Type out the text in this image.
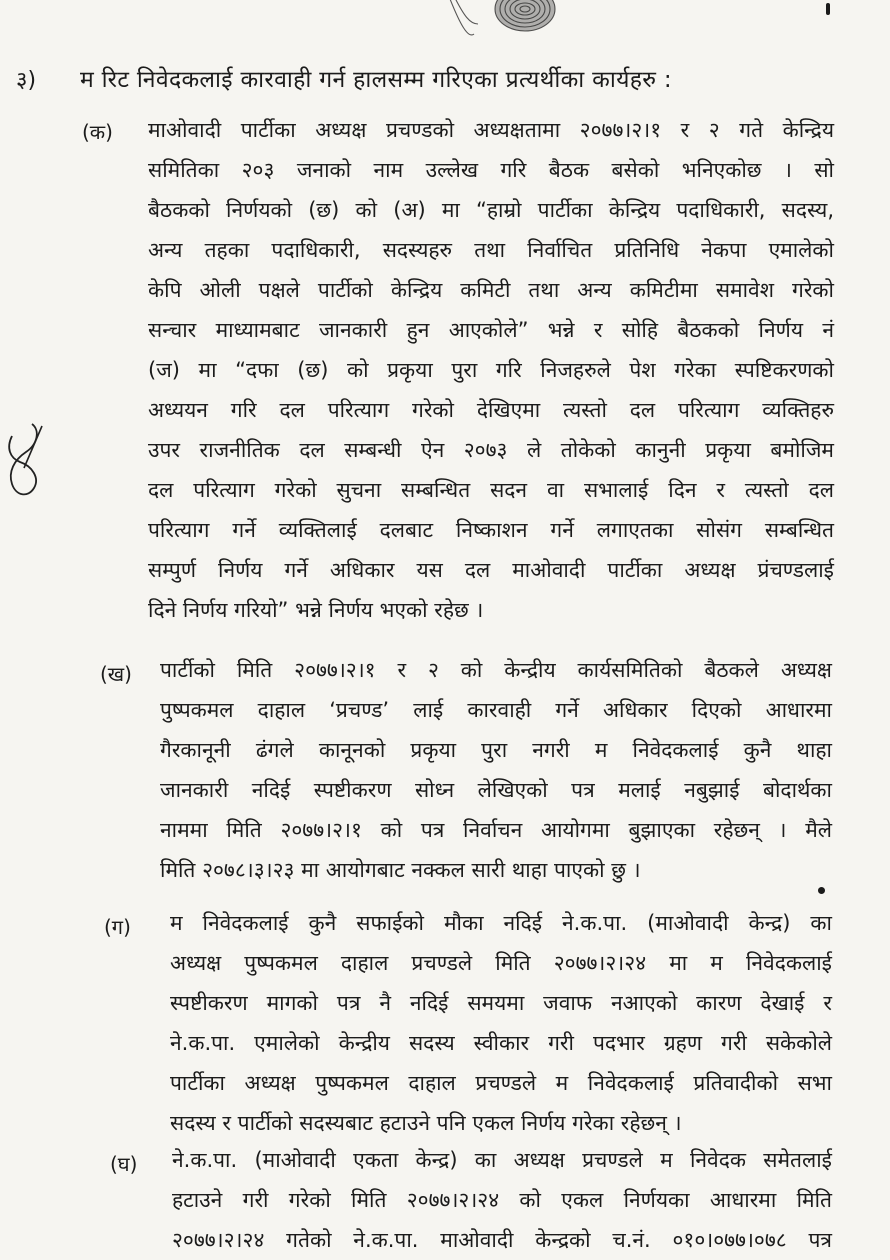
३) म रिट निवेदकलाई कारवाही गर्न हालसम्म गरिएका प्रत्यर्थीका कार्यहरु :
(क) माओवादी पार्टीका अध्यक्ष प्रचण्डको अध्यक्षतामा २०७७।२।१ र २ गते केन्द्रिय
समितिका २०३ जनाको नाम उल्लेख गरि बैठक बसेको भनिएकोछ । सो
बैठकको निर्णयको (छ) को (अ) मा “हाम्रो पार्टीका केन्द्रिय पदाधिकारी, सदस्य,
अन्य तहका पदाधिकारी, सदस्यहरु तथा निर्वाचित प्रतिनिधि नेकपा एमालेको
केपि ओली पक्षले पार्टीको केन्द्रिय कमिटी तथा अन्य कमिटीमा समावेश गरेको
सन्चार माध्यामबाट जानकारी हुन आएकोले” भन्ने र सोहि बैठकको निर्णय नं
(ज) मा “दफा (छ) को प्रकृया पुरा गरि निजहरुले पेश गरेका स्पष्टिकरणको
अध्ययन गरि दल परित्याग गरेको देखिएमा त्यस्तो दल परित्याग व्यक्तिहरु
उपर राजनीतिक दल सम्बन्धी ऐन २०७३ ले तोकेको कानुनी प्रकृया बमोजिम
दल परित्याग गरेको सुचना सम्बन्धित सदन वा सभालाई दिन र त्यस्तो दल
परित्याग गर्ने व्यक्तिलाई दलबाट निष्काशन गर्ने लगाएतका सोसंग सम्बन्धित
सम्पुर्ण निर्णय गर्ने अधिकार यस दल माओवादी पार्टीका अध्यक्ष प्रंचण्डलाई
दिने निर्णय गरियो” भन्ने निर्णय भएको रहेछ ।
(ख) पार्टीको मिति २०७७।२।१ र २ को केन्द्रीय कार्यसमितिको बैठकले अध्यक्ष
पुष्पकमल दाहाल ‘प्रचण्ड’ लाई कारवाही गर्ने अधिकार दिएको आधारमा
गैरकानूनी ढंगले कानूनको प्रकृया पुरा नगरी म निवेदकलाई कुनै थाहा
जानकारी नदिई स्पष्टीकरण सोध्न लेखिएको पत्र मलाई नबुझाई बोदार्थका
नाममा मिति २०७७।२।१ को पत्र निर्वाचन आयोगमा बुझाएका रहेछन् । मैले
मिति २०७८।३।२३ मा आयोगबाट नक्कल सारी थाहा पाएको छु ।
(ग) म निवेदकलाई कुनै सफाईको मौका नदिई ने.क.पा. (माओवादी केन्द्र) का
अध्यक्ष पुष्पकमल दाहाल प्रचण्डले मिति २०७७।२।२४ मा म निवेदकलाई
स्पष्टीकरण मागको पत्र नै नदिई समयमा जवाफ नआएको कारण देखाई र
ने.क.पा. एमालेको केन्द्रीय सदस्य स्वीकार गरी पदभार ग्रहण गरी सकेकोले
पार्टीका अध्यक्ष पुष्पकमल दाहाल प्रचण्डले म निवेदकलाई प्रतिवादीको सभा
सदस्य र पार्टीको सदस्यबाट हटाउने पनि एकल निर्णय गरेका रहेछन् ।
(घ) ने.क.पा. (माओवादी एकता केन्द्र) का अध्यक्ष प्रचण्डले म निवेदक समेतलाई
हटाउने गरी गरेको मिति २०७७।२।२४ को एकल निर्णयका आधारमा मिति
२०७७।२।२४ गतेको ने.क.पा. माओवादी केन्द्रको च.नं. ०१०।०७७।०७८ पत्र
